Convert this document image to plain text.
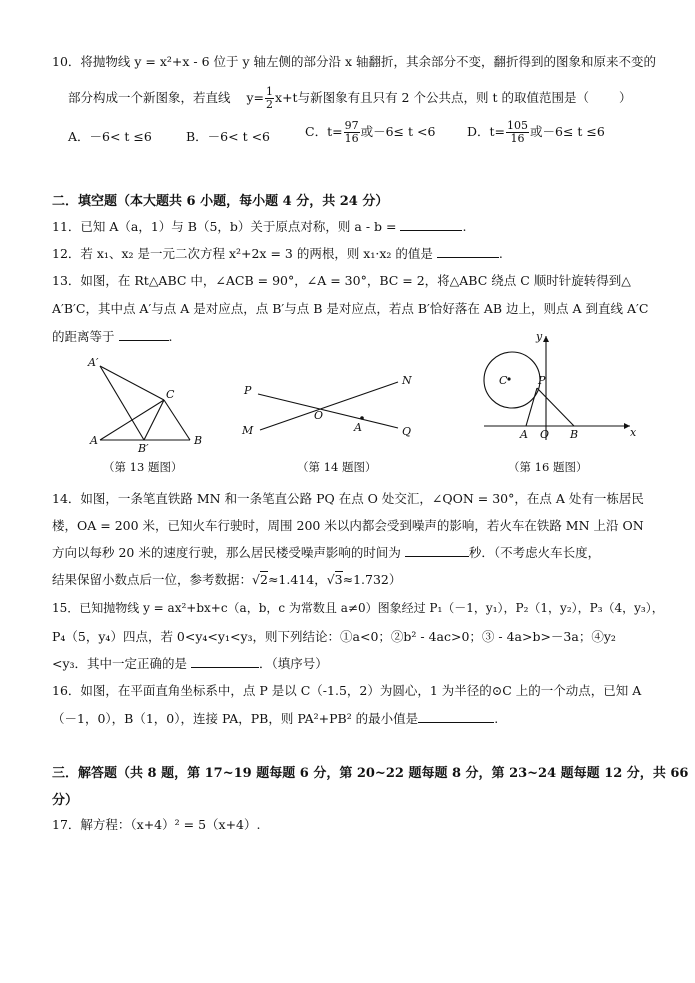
10．将抛物线 y = x²+x - 6 位于 y 轴左侧的部分沿 x 轴翻折，其余部分不变，翻折得到的图象和原来不变的
部分构成一个新图象，若直线 $y= \frac{1}{2} x+t$与新图象有且只有 2 个公共点，则 t 的取值范围是（ ）
A．－6< t ≤6	B．－6< t <6	C．$t= \frac{97}{16}$ 或－6≤ t <6	D．$t= \frac{105}{16}$ 或－6≤ t ≤6
二．填空题（本大题共 6 小题，每小题 4 分，共 24 分）
11．已知 A（a，1）与 B（5，b）关于原点对称，则 a - b =	.
12．若 x₁、x₂ 是一元二次方程 x²+2x = 3 的两根，则 x₁·x₂ 的值是	.
13．如图，在 Rt△ABC 中，∠ACB = 90°，∠A = 30°，BC = 2，将△ABC 绕点 C 顺时针旋转得到△
A′B′C，其中点 A′与点 A 是对应点，点 B′与点 B 是对应点，若点 B′恰好落在 AB 边上，则点 A 到直线 A′C
的距离等于	.
A′
C
A
B′
B
（第 13 题图）
P
N
O
M	A	Q
（第 14 题图）
y
C	P
A O B	x
（第 16 题图）
14．如图，一条笔直铁路 MN 和一条笔直公路 PQ 在点 O 处交汇，∠QON = 30°，在点 A 处有一栋居民
楼，OA = 200 米，已知火车行驶时，周围 200 米以内都会受到噪声的影响，若火车在铁路 MN 上沿 ON
方向以每秒 20 米的速度行驶，那么居民楼受噪声影响的时间为	秒．（不考虑火车长度，
结果保留小数点后一位，参考数据：√2≈1.414，√3≈1.732）
15．已知抛物线 y = ax²+bx+c（a，b，c 为常数且 a≠0）图象经过 P₁（－1，y₁），P₂（1，y₂），P₃（4，y₃），
P₄（5，y₄）四点，若 0<y₄<y₁<y₃，则下列结论：①a<0；②b² - 4ac>0；③ - 4a>b>－3a；④y₂
<y₃．其中一定正确的是	．（填序号）
16．如图，在平面直角坐标系中，点 P 是以 C（-1.5，2）为圆心，1 为半径的⊙C 上的一个动点，已知 A
（－1，0），B（1，0），连接 PA，PB，则 PA²+PB² 的最小值是	.
三．解答题（共 8 题，第 17~19 题每题 6 分，第 20~22 题每题 8 分，第 23~24 题每题 12 分，共 66
分）
17．解方程：（x+4）² = 5（x+4）.
